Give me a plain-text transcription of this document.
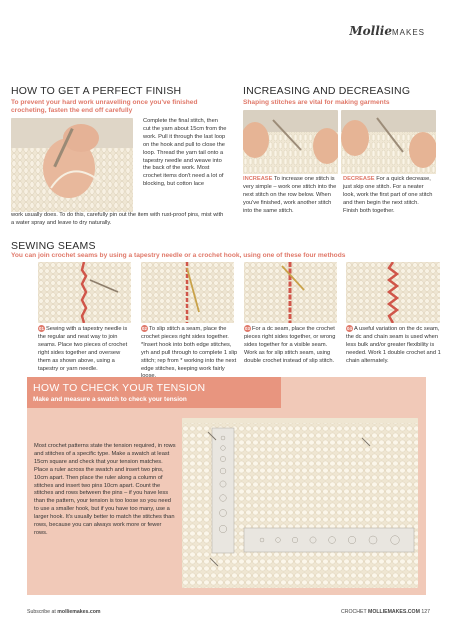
MollieMAKES
HOW TO GET A PERFECT FINISH
To prevent your hard work unravelling once you've finished crocheting, fasten the end off carefully
Complete the final stitch, then cut the yarn about 15cm from the work. Pull it through the last loop on the hook and pull to close the loop. Thread the yarn tail onto a tapestry needle and weave into the back of the work. Most crochet items don't need a lot of blocking, but cotton lace
work usually does. To do this, carefully pin out the item with rust-proof pins, mist with a water spray and leave to dry naturally.
INCREASING AND DECREASING
Shaping stitches are vital for making garments
INCREASE To increase one stitch is very simple – work one stitch into the next stitch on the row below. When you've finished, work another stitch into the same stitch.
DECREASE For a quick decrease, just skip one stitch. For a neater look, work the first part of one stitch and then begin the next stitch. Finish both together.
SEWING SEAMS
You can join crochet seams by using a tapestry needle or a crochet hook, using one of these four methods
01 Sewing with a tapestry needle is the regular and neat way to join seams. Place two pieces of crochet right sides together and oversew them as shown above, using a tapestry or yarn needle.
02 To slip stitch a seam, place the crochet pieces right sides together. *Insert hook into both edge stitches, yrh and pull through to complete 1 slip stitch; rep from * working into the next edge stitches, keeping work fairly
03 For a dc seam, place the crochet pieces right sides together, or wrong sides together for a visible seam. Work as for slip stitch seam, using double crochet instead of slip stitch.
04 A useful variation on the dc seam, the dc and chain seam is used when less bulk and/or greater flexibility is needed. Work 1 double crochet and 1 chain alternately.
HOW TO CHECK YOUR TENSION
Make and measure a swatch to check your tension
Most crochet patterns state the tension required, in rows and stitches of a specific type. Make a swatch at least 15cm square and check that your tension matches. Place a ruler across the swatch and insert two pins, 10cm apart. Then place the ruler along a column of stitches and insert two pins 10cm apart. Count the stitches and rows between the pins – if you have less than the pattern, your tension is too loose so you need to use a smaller hook, but if you have too many, use a larger hook. It's usually better to match the stitches than rows, because you can always work more or fewer rows.
Subscribe at molliemakes.com	CROCHET MOLLIEMAKES.COM 127
